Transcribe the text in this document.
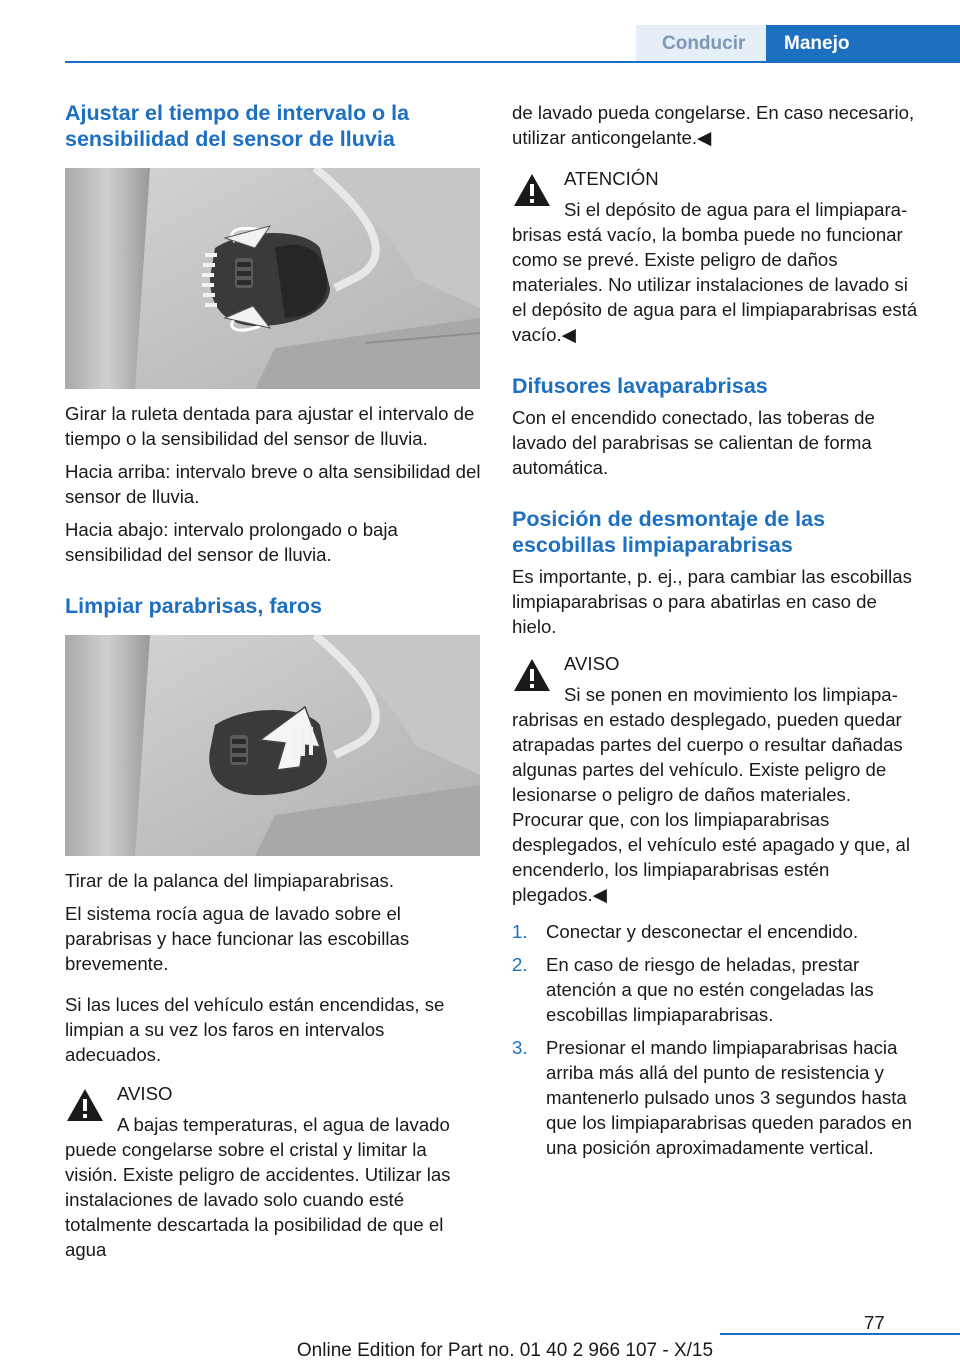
Conducir	Manejo
Ajustar el tiempo de intervalo o la sensibilidad del sensor de lluvia

Girar la ruleta dentada para ajustar el intervalo de tiempo o la sensibilidad del sensor de lluvia.

Hacia arriba: intervalo breve o alta sensibilidad del sensor de lluvia.

Hacia abajo: intervalo prolongado o baja sensibilidad del sensor de lluvia.

Limpiar parabrisas, faros

Tirar de la palanca del limpiaparabrisas.

El sistema rocía agua de lavado sobre el parabrisas y hace funcionar las escobillas brevemente.

Si las luces del vehículo están encendidas, se limpian a su vez los faros en intervalos adecuados.

AVISO
A bajas temperaturas, el agua de lavado
puede congelarse sobre el cristal y limitar la visión. Existe peligro de accidentes. Utilizar las instalaciones de lavado solo cuando esté totalmente descartada la posibilidad de que el agua

de lavado pueda congelarse. En caso necesario, utilizar anticongelante.◀

ATENCIÓN
Si el depósito de agua para el limpiapara-
brisas está vacío, la bomba puede no funcionar como se prevé. Existe peligro de daños materiales. No utilizar instalaciones de lavado si el depósito de agua para el limpiaparabrisas está vacío.◀
Difusores lavaparabrisas

Con el encendido conectado, las toberas de lavado del parabrisas se calientan de forma automática.

Posición de desmontaje de las escobillas limpiaparabrisas

Es importante, p. ej., para cambiar las escobillas limpiaparabrisas o para abatirlas en caso de hielo.

AVISO
Si se ponen en movimiento los limpiapa-
rabrisas en estado desplegado, pueden quedar atrapadas partes del cuerpo o resultar dañadas algunas partes del vehículo. Existe peligro de lesionarse o peligro de daños materiales. Procurar que, con los limpiaparabrisas desplegados, el vehículo esté apagado y que, al encenderlo, los limpiaparabrisas estén plegados.◀
1. Conectar y desconectar el encendido.
2. En caso de riesgo de heladas, prestar atención a que no estén congeladas las escobillas limpiaparabrisas.
3. Presionar el mando limpiaparabrisas hacia arriba más allá del punto de resistencia y mantenerlo pulsado unos 3 segundos hasta que los limpiaparabrisas queden parados en una posición aproximadamente vertical.
77
Online Edition for Part no. 01 40 2 966 107 - X/15
